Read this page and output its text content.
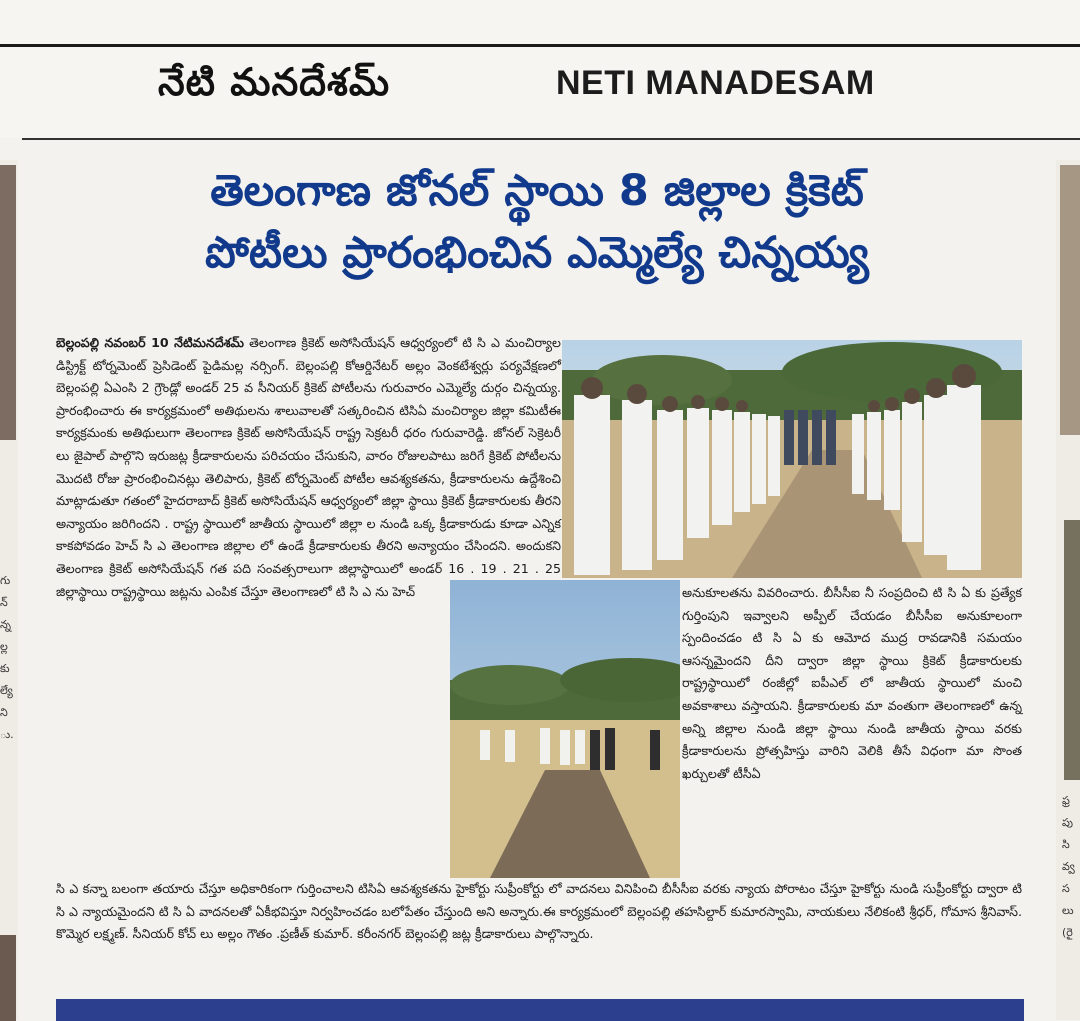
నేటి మనదేశమ్	NETI MANADESAM
గు న్ న్న ల్ల కు ల్యే ని ు.
ఫ్ర పు సి వ్వ స లు (రై
తెలంగాణ జోనల్ స్థాయి 8 జిల్లాల క్రికెట్
పోటీలు ప్రారంభించిన ఎమ్మెల్యే చిన్నయ్య
బెల్లంపల్లి నవంబర్ 10 నేటిమనదేశమ్ తెలంగాణ క్రికెట్ అసోసియేషన్ ఆధ్వర్యంలో టి సి ఎ మంచిర్యాల డిస్ట్రిక్ట్ టోర్నమెంట్ ప్రెసిడెంట్ పైడిమల్ల నర్సింగ్. బెల్లంపల్లి కోఆర్డినేటర్ అల్లం వెంకటేశ్వర్లు పర్యవేక్షణలో బెల్లంపల్లి ఏఎంసి 2 గ్రౌండ్లో అండర్ 25 వ సీనియర్ క్రికెట్ పోటీలను గురువారం ఎమ్మెల్యే దుర్గం చిన్నయ్య. ప్రారంభించారు ఈ కార్యక్రమంలో అతిథులను శాలువాలతో సత్కరించిన టిసిఏ మంచిర్యాల జిల్లా కమిటీఈ కార్యక్రమంకు అతిథులుగా తెలంగాణ క్రికెట్ అసోసియేషన్ రాష్ట్ర సెక్రటరీ ధరం గురువారెడ్డి. జోనల్ సెక్రెటరీ లు జైపాల్ పాల్గొని ఇరుజట్ల క్రీడాకారులను పరిచయం చేసుకుని, వారం రోజులపాటు జరిగే క్రికెట్ పోటీలను మొదటి రోజు ప్రారంభించినట్లు తెలిపారు, క్రికెట్ టోర్నమెంట్ పోటీల ఆవశ్యకతను, క్రీడాకారులను ఉద్దేశించి మాట్లాడుతూ గతంలో హైదరాబాద్ క్రికెట్ అసోసియేషన్ ఆధ్వర్యంలో జిల్లా స్థాయి క్రికెట్ క్రీడాకారులకు తీరని అన్యాయం జరిగిందని . రాష్ట్ర స్థాయిలో జాతీయ స్థాయిలో జిల్లా ల నుండి ఒక్క క్రీడాకారుడు కూడా ఎన్నిక కాకపోవడం హెచ్ సి ఎ తెలంగాణ జిల్లాల లో ఉండే క్రీడాకారులకు తీరని అన్యాయం చేసిందని. అందుకని తెలంగాణ క్రికెట్ అసోసియేషన్ గత పది సంవత్సరాలుగా జిల్లాస్థాయిలో అండర్ 16 . 19 . 21 . 25 జిల్లాస్థాయి రాష్ట్రస్థాయి జట్లను ఎంపిక చేస్తూ తెలంగాణలో టి సి ఎ ను హెచ్	అనుకూలతను వివరించారు. బీసీసీఐ నీ సంప్రదించి టి సి ఏ కు ప్రత్యేక గుర్తింపుని ఇవ్వాలని అప్పీల్ చేయడం బీసీసీఐ అనుకూలంగా స్పందించడం టి సి ఏ కు ఆమోద ముద్ర రావడానికి సమయం ఆసన్నమైందని దీని ద్వారా జిల్లా స్థాయి క్రికెట్ క్రీడాకారులకు రాష్ట్రస్థాయిలో రంజీల్లో ఐపీఎల్ లో జాతీయ స్థాయిలో మంచి అవకాశాలు వస్తాయని. క్రీడాకారులకు మా వంతుగా తెలంగాణలో ఉన్న అన్ని జిల్లాల నుండి జిల్లా స్థాయి నుండి జాతీయ స్థాయి వరకు క్రీడాకారులను ప్రోత్సహిస్తు వారిని వెలికి తీసే విధంగా మా సొంత ఖర్చులతో టీసీఏ
సి ఎ కన్నా బలంగా తయారు చేస్తూ అధికారికంగా గుర్తించాలని టిసిఏ ఆవశ్యకతను హైకోర్టు సుప్రీంకోర్టు లో వాదనలు వినిపించి బీసీసీఐ వరకు న్యాయ పోరాటం చేస్తూ హైకోర్టు నుండి సుప్రీంకోర్టు ద్వారా టి సి ఎ న్యాయమైందని టి సి ఏ వాదనలతో ఏకీభవిస్తూ నిర్వహించడం బలోపేతం చేస్తుంది అని అన్నారు.ఈ కార్యక్రమంలో బెల్లంపల్లి తహసిల్దార్ కుమారస్వామి, నాయకులు నేలికంటి శ్రీధర్, గోమాస శ్రీనివాస్. కొమ్మెర లక్ష్మణ్. సీనియర్ కోచ్ లు అల్లం గౌతం .ప్రణీత్ కుమార్. కరీంనగర్ బెల్లంపల్లి జట్ల క్రీడాకారులు పాల్గొన్నారు.
